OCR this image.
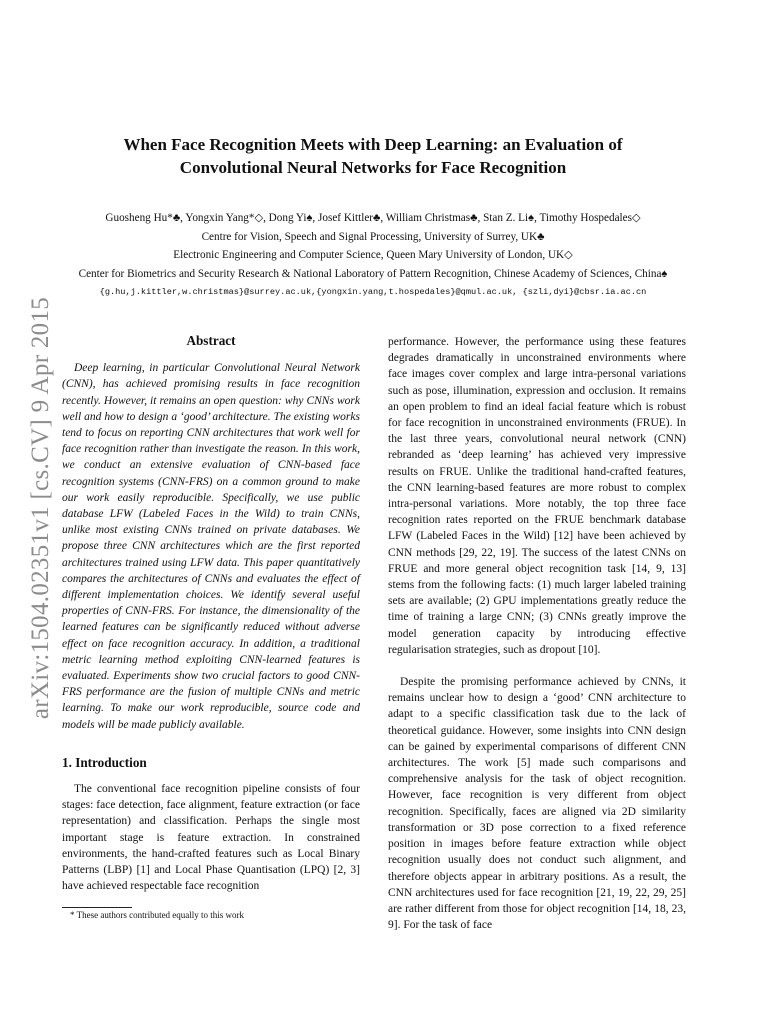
arXiv:1504.02351v1 [cs.CV] 9 Apr 2015
When Face Recognition Meets with Deep Learning: an Evaluation of
Convolutional Neural Networks for Face Recognition
Guosheng Hu*♣, Yongxin Yang*◇, Dong Yi♠, Josef Kittler♣, William Christmas♣, Stan Z. Li♠, Timothy Hospedales◇
Centre for Vision, Speech and Signal Processing, University of Surrey, UK♣
Electronic Engineering and Computer Science, Queen Mary University of London, UK◇
Center for Biometrics and Security Research & National Laboratory of Pattern Recognition, Chinese Academy of Sciences, China♠
{g.hu,j.kittler,w.christmas}@surrey.ac.uk,{yongxin.yang,t.hospedales}@qmul.ac.uk, {szli,dyi}@cbsr.ia.ac.cn
Abstract

Deep learning, in particular Convolutional Neural Network (CNN), has achieved promising results in face recognition recently. However, it remains an open question: why CNNs work well and how to design a ‘good’ architecture. The existing works tend to focus on reporting CNN architectures that work well for face recognition rather than investigate the reason. In this work, we conduct an extensive evaluation of CNN-based face recognition systems (CNN-FRS) on a common ground to make our work easily reproducible. Specifically, we use public database LFW (Labeled Faces in the Wild) to train CNNs, unlike most existing CNNs trained on private databases. We propose three CNN architectures which are the first reported architectures trained using LFW data. This paper quantitatively compares the architectures of CNNs and evaluates the effect of different implementation choices. We identify several useful properties of CNN-FRS. For instance, the dimensionality of the learned features can be significantly reduced without adverse effect on face recognition accuracy. In addition, a traditional metric learning method exploiting CNN-learned features is evaluated. Experiments show two crucial factors to good CNN-FRS performance are the fusion of multiple CNNs and metric learning. To make our work reproducible, source code and models will be made publicly available.

1. Introduction

The conventional face recognition pipeline consists of four stages: face detection, face alignment, feature extraction (or face representation) and classification. Perhaps the single most important stage is feature extraction. In constrained environments, the hand-crafted features such as Local Binary Patterns (LBP) [1] and Local Phase Quantisation (LPQ) [2, 3] have achieved respectable face recognition

performance. However, the performance using these features degrades dramatically in unconstrained environments where face images cover complex and large intra-personal variations such as pose, illumination, expression and occlusion. It remains an open problem to find an ideal facial feature which is robust for face recognition in unconstrained environments (FRUE). In the last three years, convolutional neural network (CNN) rebranded as ‘deep learning’ has achieved very impressive results on FRUE. Unlike the traditional hand-crafted features, the CNN learning-based features are more robust to complex intra-personal variations. More notably, the top three face recognition rates reported on the FRUE benchmark database LFW (Labeled Faces in the Wild) [12] have been achieved by CNN methods [29, 22, 19]. The success of the latest CNNs on FRUE and more general object recognition task [14, 9, 13] stems from the following facts: (1) much larger labeled training sets are available; (2) GPU implementations greatly reduce the time of training a large CNN; (3) CNNs greatly improve the model generation capacity by introducing effective regularisation strategies, such as dropout [10].

Despite the promising performance achieved by CNNs, it remains unclear how to design a ‘good’ CNN architecture to adapt to a specific classification task due to the lack of theoretical guidance. However, some insights into CNN design can be gained by experimental comparisons of different CNN architectures. The work [5] made such comparisons and comprehensive analysis for the task of object recognition. However, face recognition is very different from object recognition. Specifically, faces are aligned via 2D similarity transformation or 3D pose correction to a fixed reference position in images before feature extraction while object recognition usually does not conduct such alignment, and therefore objects appear in arbitrary positions. As a result, the CNN architectures used for face recognition [21, 19, 22, 29, 25] are rather different from those for object recognition [14, 18, 23, 9]. For the task of face

* These authors contributed equally to this work
